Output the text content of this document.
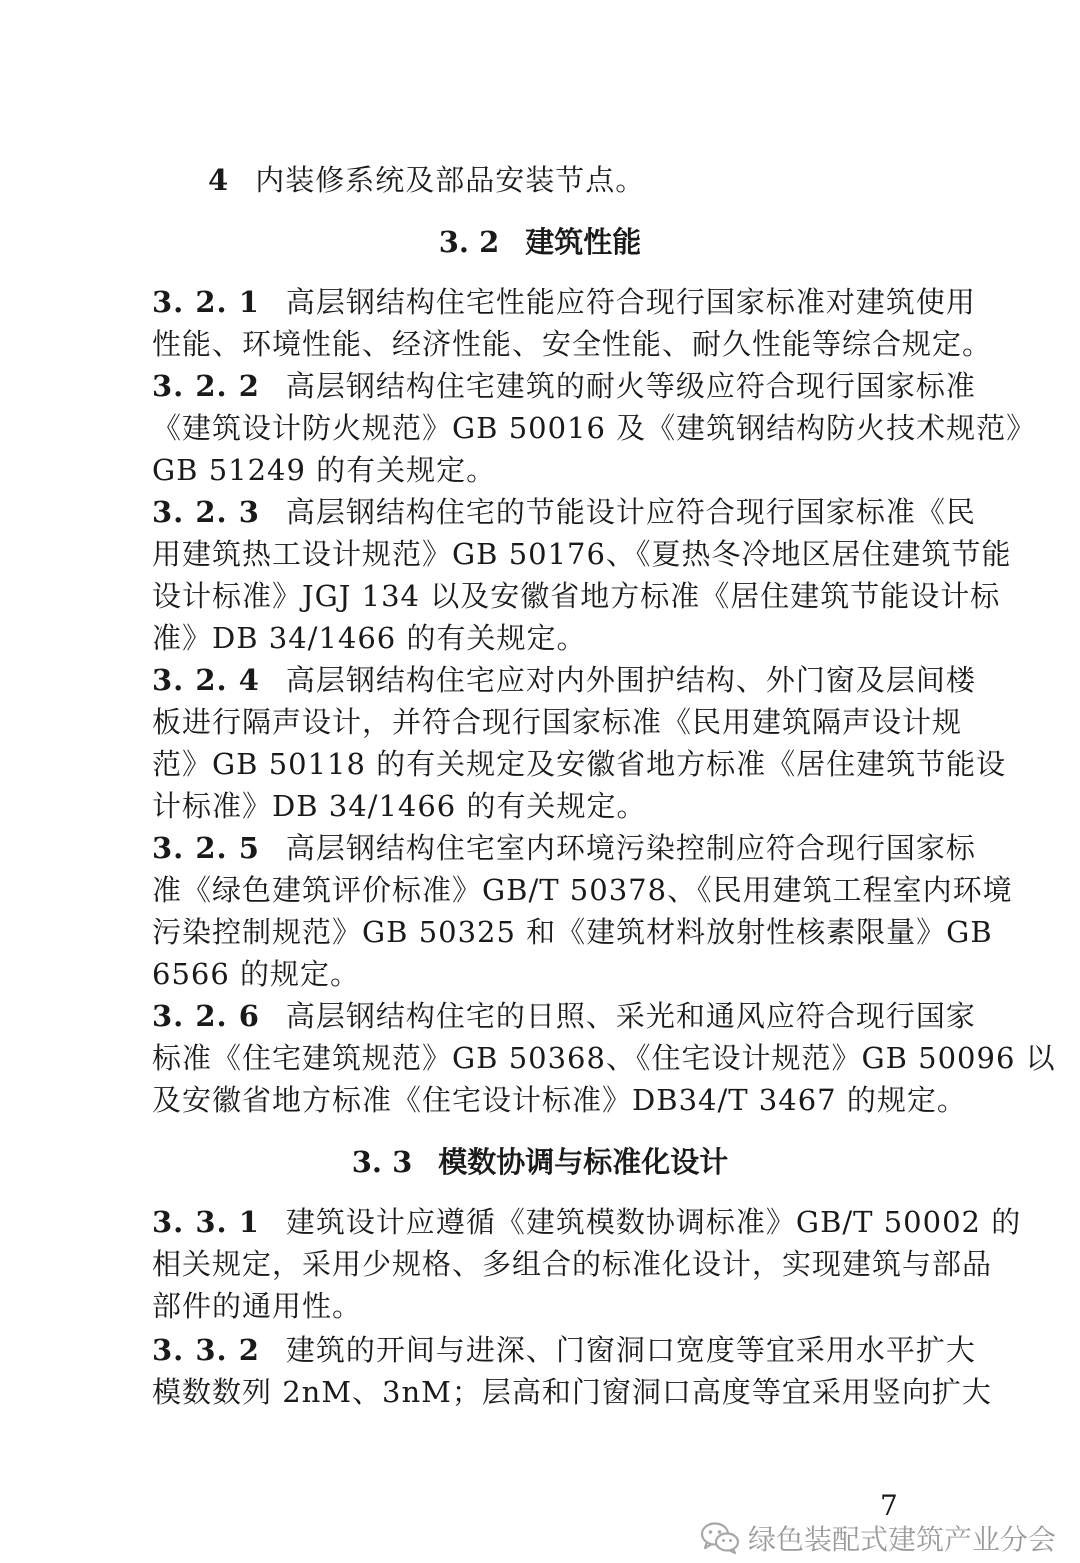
4 内装修系统及部品安装节点。
3. 2 建筑性能
3. 2. 1 高层钢结构住宅性能应符合现行国家标准对建筑使用
性能、环境性能、经济性能、安全性能、耐久性能等综合规定。
3. 2. 2 高层钢结构住宅建筑的耐火等级应符合现行国家标准
《建筑设计防火规范》GB 50016 及《建筑钢结构防火技术规范》
GB 51249 的有关规定。
3. 2. 3 高层钢结构住宅的节能设计应符合现行国家标准《民
用建筑热工设计规范》GB 50176、《夏热冬冷地区居住建筑节能
设计标准》JGJ 134 以及安徽省地方标准《居住建筑节能设计标
准》DB 34/1466 的有关规定。
3. 2. 4 高层钢结构住宅应对内外围护结构、外门窗及层间楼
板进行隔声设计，并符合现行国家标准《民用建筑隔声设计规
范》GB 50118 的有关规定及安徽省地方标准《居住建筑节能设
计标准》DB 34/1466 的有关规定。
3. 2. 5 高层钢结构住宅室内环境污染控制应符合现行国家标
准《绿色建筑评价标准》GB/T 50378、《民用建筑工程室内环境
污染控制规范》GB 50325 和《建筑材料放射性核素限量》GB
6566 的规定。
3. 2. 6 高层钢结构住宅的日照、采光和通风应符合现行国家
标准《住宅建筑规范》GB 50368、《住宅设计规范》GB 50096 以
及安徽省地方标准《住宅设计标准》DB34/T 3467 的规定。
3. 3 模数协调与标准化设计
3. 3. 1 建筑设计应遵循《建筑模数协调标准》GB/T 50002 的
相关规定，采用少规格、多组合的标准化设计，实现建筑与部品
部件的通用性。
3. 3. 2 建筑的开间与进深、门窗洞口宽度等宜采用水平扩大
模数数列 2nM、3nM；层高和门窗洞口高度等宜采用竖向扩大
7
绿色装配式建筑产业分会
